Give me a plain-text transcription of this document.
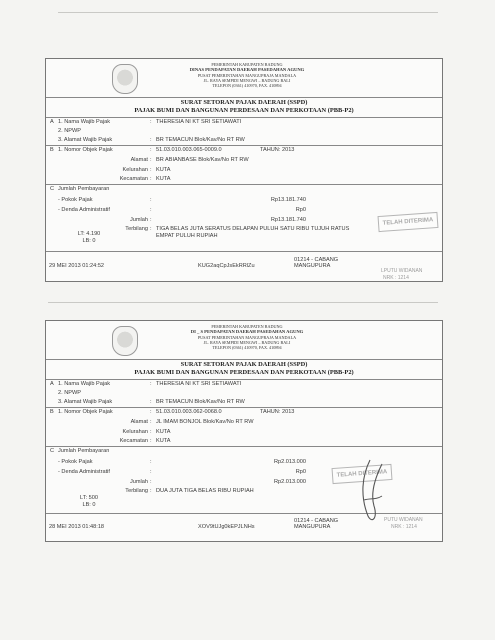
PEMERINTAH KABUPATEN BADUNG
DINAS PENDAPATAN DAERAH PASEDAHAN AGUNG
PUSAT PEMERINTAHAN MANGUPRAJA MANDALA
JL. RAYA SEMPIDI MENGWI – BADUNG BALI
TELEPON (0361) 410970, FAX. 410894
SURAT SETORAN PAJAK DAERAH (SSPD)
PAJAK BUMI DAN BANGUNAN PERDESAAN DAN PERKOTAAN (PBB-P2)
A 1. Nama Wajib Pajak	: THERESIA NI KT SRI SETIAWATI
2. NPWP
3. Alamat Wajib Pajak	: BR TEMACUN Blok/Kav/No RT RW
B 1. Nomor Objek Pajak	: 51.03.010.003.065-0009.0	TAHUN: 2013
Alamat : BR ABIANBASE Blok/Kav/No RT RW
Kelurahan : KUTA
Kecamatan : KUTA
C Jumlah Pembayaran
- Pokok Pajak	:	Rp13.181.740
- Denda Administratif	:	Rp0
Jumlah :	Rp13.181.740
Terbilang : TIGA BELAS JUTA SERATUS DELAPAN PULUH SATU RIBU TUJUH RATUS EMPAT PULUH RUPIAH
LT: 4.190
LB: 0
29 MEI 2013 01:24:52	KUG2aqCpJsEkRRlZu
01214 - CABANG
MANGUPURA
TELAH DITERIMA
LPUTU WIDANAN
NRK : 1214
PEMERINTAH KABUPATEN BADUNG
DI _ S PENDAPATAN DAERAH PASEDAHAN AGUNG
PUSAT PEMERINTAHAN MANGUPRAJA MANDALA
JL. RAYA SEMPIDI MENGWI – BADUNG BALI
TELEPON (0361) 410970, FAX. 410894
SURAT SETORAN PAJAK DAERAH (SSPD)
PAJAK BUMI DAN BANGUNAN PERDESAAN DAN PERKOTAAN (PBB-P2)
A 1. Nama Wajib Pajak	: THERESIA NI KT SRI SETIAWATI
2. NPWP
3. Alamat Wajib Pajak	: BR TEMACUN Blok/Kav/No RT RW
B 1. Nomor Objek Pajak	: 51.03.010.003.062-0068.0	TAHUN: 2013
Alamat : JL IMAM BONJOL Blok/Kav/No RT RW
Kelurahan : KUTA
Kecamatan : KUTA
C Jumlah Pembayaran
- Pokok Pajak	:	Rp2.013.000
- Denda Administratif	:	Rp0
Jumlah :	Rp2.013.000
Terbilang : DUA JUTA TIGA BELAS RIBU RUPIAH
LT: 500
LB: 0
28 MEI 2013 01:48:18	XOV9tUJg0kEPJLNHs
01214 - CABANG
MANGUPURA
TELAH DITERIMA
PUTU WIDANAN
NRK : 1214
